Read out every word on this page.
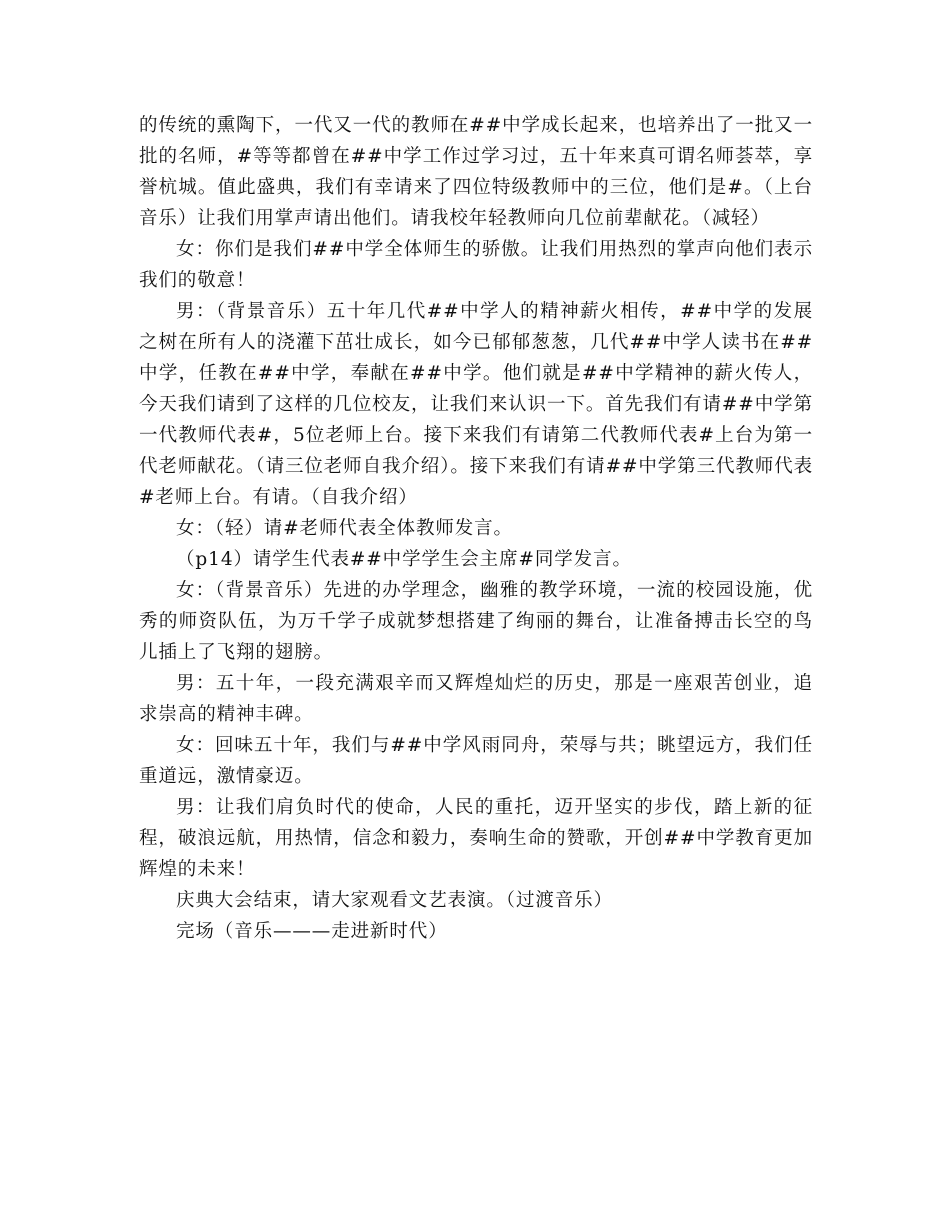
的传统的熏陶下，一代又一代的教师在##中学成长起来，也培养出了一批又一批的名师，#等等都曾在##中学工作过学习过，五十年来真可谓名师荟萃，享誉杭城。值此盛典，我们有幸请来了四位特级教师中的三位，他们是#。（上台音乐）让我们用掌声请出他们。请我校年轻教师向几位前辈献花。（减轻）

女：你们是我们##中学全体师生的骄傲。让我们用热烈的掌声向他们表示我们的敬意！

男：（背景音乐）五十年几代##中学人的精神薪火相传，##中学的发展之树在所有人的浇灌下茁壮成长，如今已郁郁葱葱，几代##中学人读书在##中学，任教在##中学，奉献在##中学。他们就是##中学精神的薪火传人，今天我们请到了这样的几位校友，让我们来认识一下。首先我们有请##中学第一代教师代表#，5位老师上台。接下来我们有请第二代教师代表#上台为第一代老师献花。（请三位老师自我介绍）。接下来我们有请##中学第三代教师代表#老师上台。有请。（自我介绍）

女：（轻）请#老师代表全体教师发言。

（p14）请学生代表##中学学生会主席#同学发言。

女：（背景音乐）先进的办学理念，幽雅的教学环境，一流的校园设施，优秀的师资队伍，为万千学子成就梦想搭建了绚丽的舞台，让准备搏击长空的鸟儿插上了飞翔的翅膀。

男：五十年，一段充满艰辛而又辉煌灿烂的历史，那是一座艰苦创业，追求崇高的精神丰碑。

女：回味五十年，我们与##中学风雨同舟，荣辱与共；眺望远方，我们任重道远，激情豪迈。

男：让我们肩负时代的使命，人民的重托，迈开坚实的步伐，踏上新的征程，破浪远航，用热情，信念和毅力，奏响生命的赞歌，开创##中学教育更加辉煌的未来！

庆典大会结束，请大家观看文艺表演。（过渡音乐）

完场（音乐———走进新时代）
